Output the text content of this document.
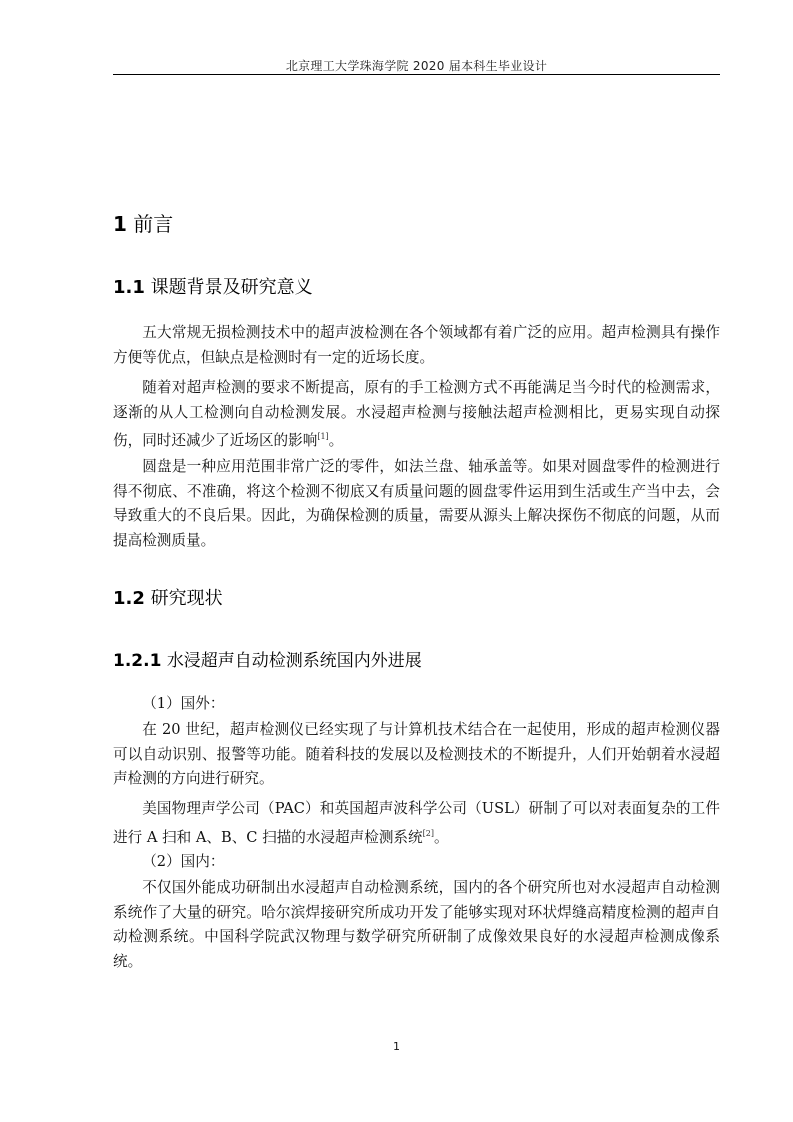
北京理工大学珠海学院 2020 届本科生毕业设计
1 前言
1.1 课题背景及研究意义

五大常规无损检测技术中的超声波检测在各个领域都有着广泛的应用。超声检测具有操作方便等优点，但缺点是检测时有一定的近场长度。

随着对超声检测的要求不断提高，原有的手工检测方式不再能满足当今时代的检测需求，逐渐的从人工检测向自动检测发展。水浸超声检测与接触法超声检测相比，更易实现自动探伤，同时还减少了近场区的影响[1]。

圆盘是一种应用范围非常广泛的零件，如法兰盘、轴承盖等。如果对圆盘零件的检测进行得不彻底、不准确，将这个检测不彻底又有质量问题的圆盘零件运用到生活或生产当中去，会导致重大的不良后果。因此，为确保检测的质量，需要从源头上解决探伤不彻底的问题，从而提高检测质量。

1.2 研究现状
1.2.1 水浸超声自动检测系统国内外进展

（1）国外：

在 20 世纪，超声检测仪已经实现了与计算机技术结合在一起使用，形成的超声检测仪器可以自动识别、报警等功能。随着科技的发展以及检测技术的不断提升，人们开始朝着水浸超声检测的方向进行研究。

美国物理声学公司（PAC）和英国超声波科学公司（USL）研制了可以对表面复杂的工件进行 A 扫和 A、B、C 扫描的水浸超声检测系统[2]。

（2）国内：

不仅国外能成功研制出水浸超声自动检测系统，国内的各个研究所也对水浸超声自动检测系统作了大量的研究。哈尔滨焊接研究所成功开发了能够实现对环状焊缝高精度检测的超声自动检测系统。中国科学院武汉物理与数学研究所研制了成像效果良好的水浸超声检测成像系统。

1
